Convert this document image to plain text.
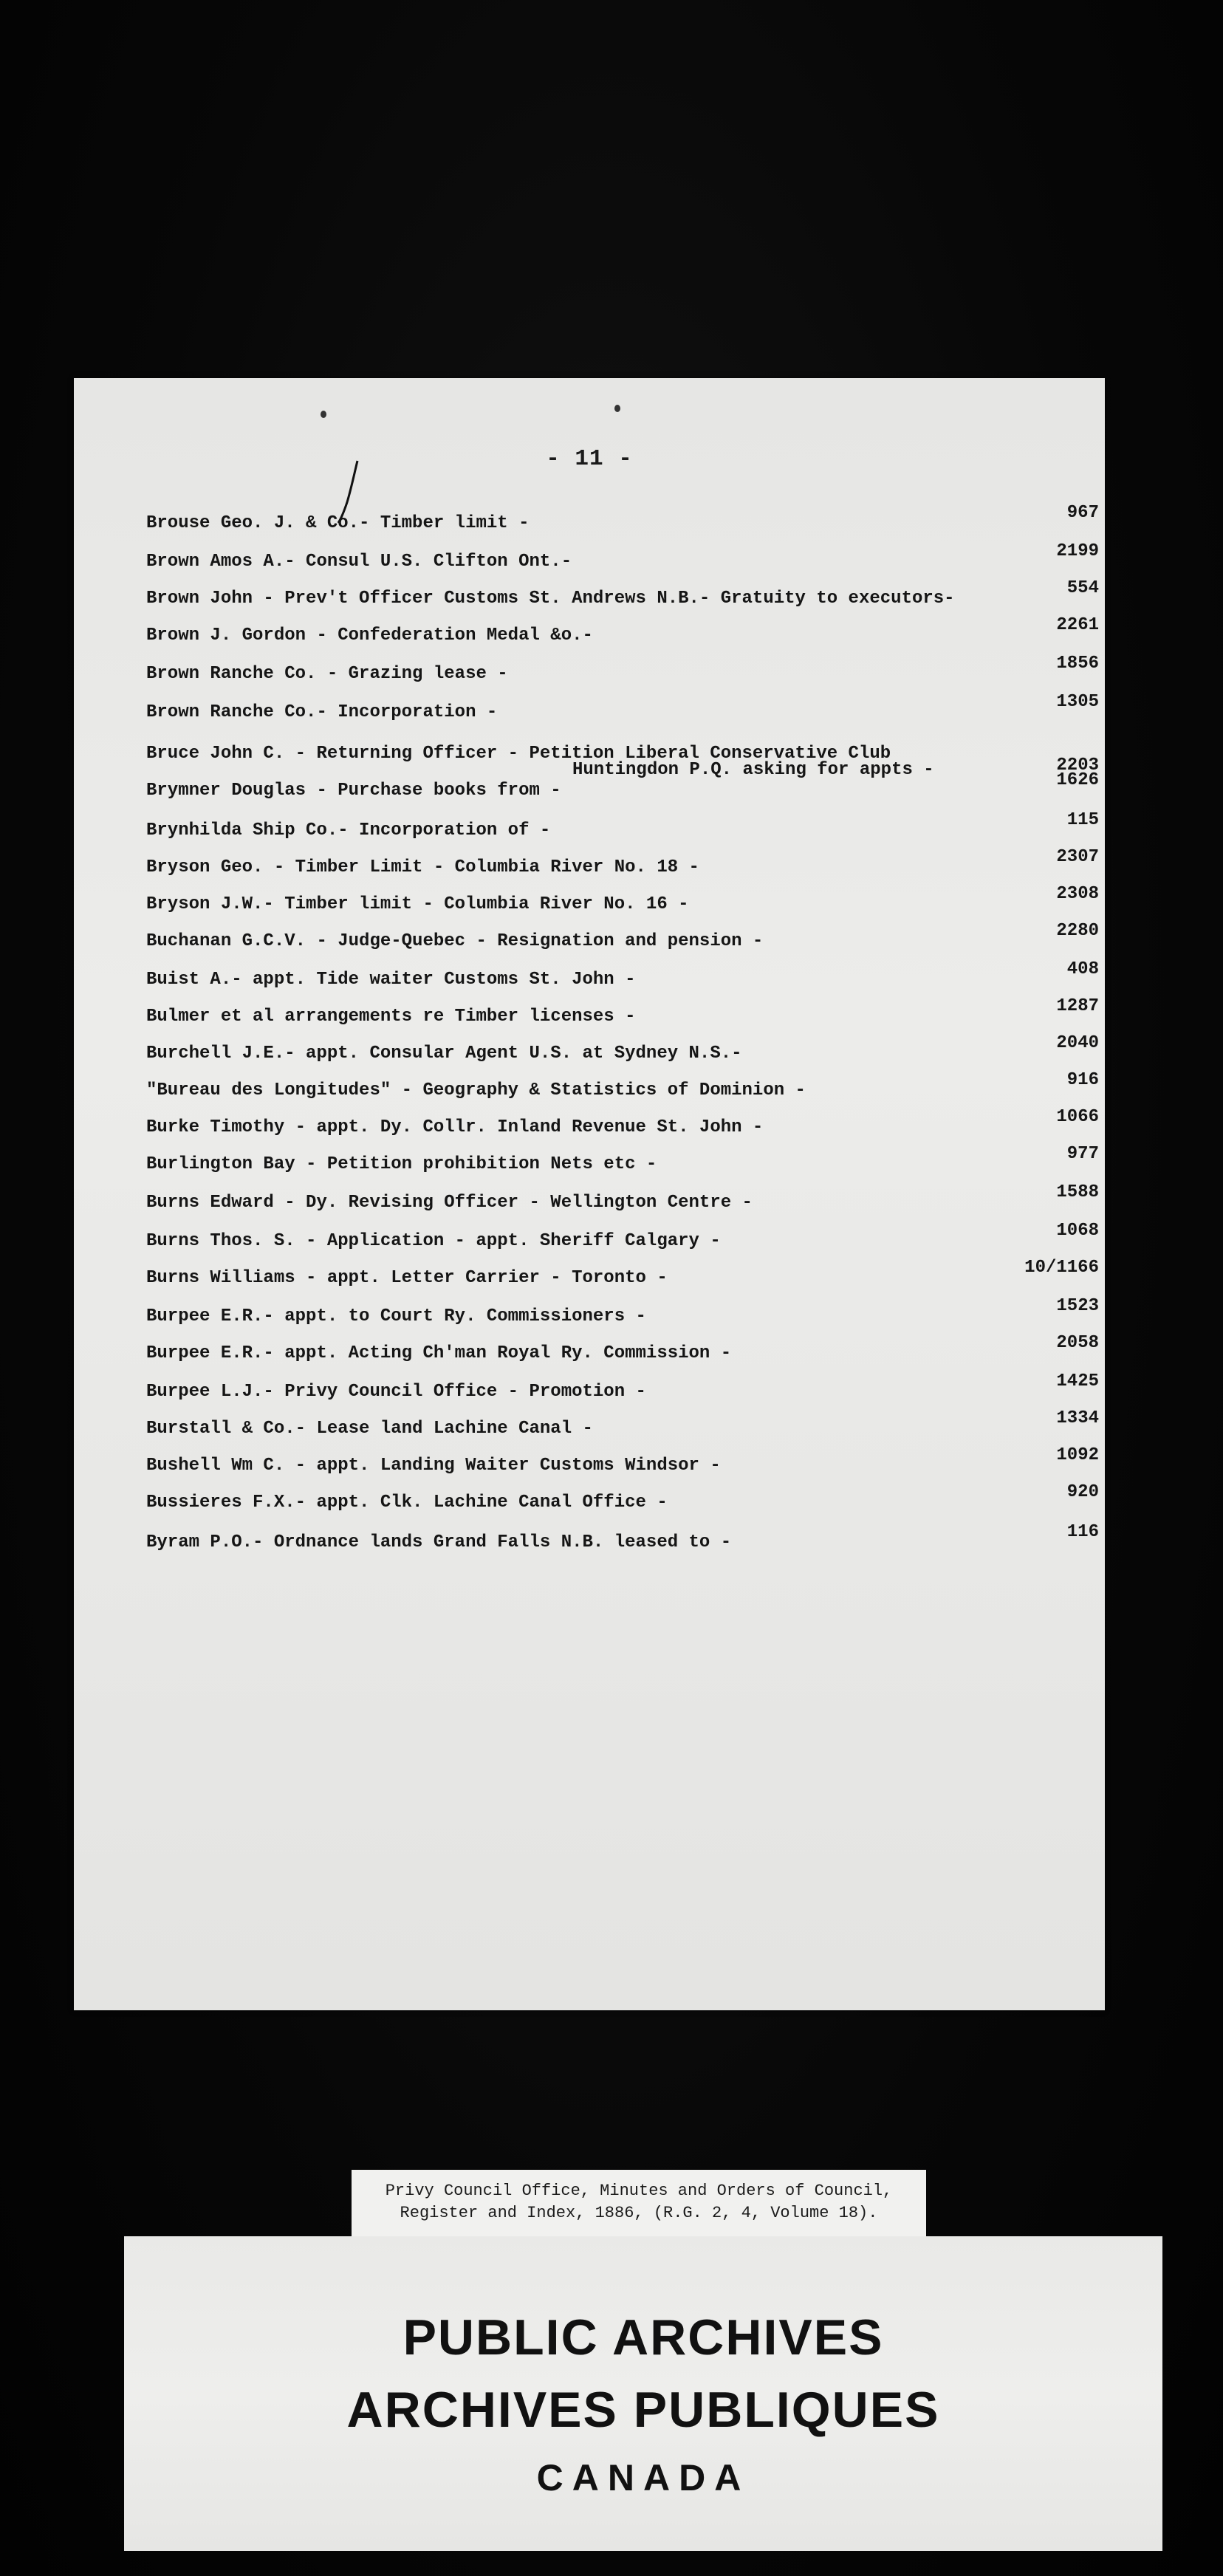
- 11 -
Brouse Geo. J. & Co.- Timber limit -
967
Brown Amos A.- Consul U.S. Clifton Ont.-
2199
Brown John - Prev't Officer Customs St. Andrews N.B.- Gratuity to executors-
554
Brown J. Gordon - Confederation Medal &o.-
2261
Brown Ranche Co. - Grazing lease -
1856
Brown Ranche Co.- Incorporation -
1305
Bruce John C. - Returning Officer - Petition Liberal Conservative Club
Huntingdon P.Q. asking for appts -	2203
Brymner Douglas - Purchase books from -
1626
Brynhilda Ship Co.- Incorporation of -
115
Bryson Geo. - Timber Limit - Columbia River No. 18 -
2307
Bryson J.W.- Timber limit - Columbia River No. 16 -
2308
Buchanan G.C.V. - Judge-Quebec - Resignation and pension -
2280
Buist A.- appt. Tide waiter Customs St. John -
408
Bulmer et al arrangements re Timber licenses -
1287
Burchell J.E.- appt. Consular Agent U.S. at Sydney N.S.-
2040
"Bureau des Longitudes" - Geography & Statistics of Dominion -
916
Burke Timothy - appt. Dy. Collr. Inland Revenue St. John -
1066
Burlington Bay - Petition prohibition Nets etc -
977
Burns Edward - Dy. Revising Officer - Wellington Centre -
1588
Burns Thos. S. - Application - appt. Sheriff Calgary -
1068
Burns Williams - appt. Letter Carrier - Toronto -
10/1166
Burpee E.R.- appt. to Court Ry. Commissioners -
1523
Burpee E.R.- appt. Acting Ch'man Royal Ry. Commission -
2058
Burpee L.J.- Privy Council Office - Promotion -
1425
Burstall & Co.- Lease land Lachine Canal -
1334
Bushell Wm C. - appt. Landing Waiter Customs Windsor -
1092
Bussieres F.X.- appt. Clk. Lachine Canal Office -
920
Byram P.O.- Ordnance lands Grand Falls N.B. leased to -
116
Privy Council Office, Minutes and Orders of Council,
Register and Index, 1886, (R.G. 2, 4, Volume 18).
PUBLIC ARCHIVES
ARCHIVES PUBLIQUES
CANADA
